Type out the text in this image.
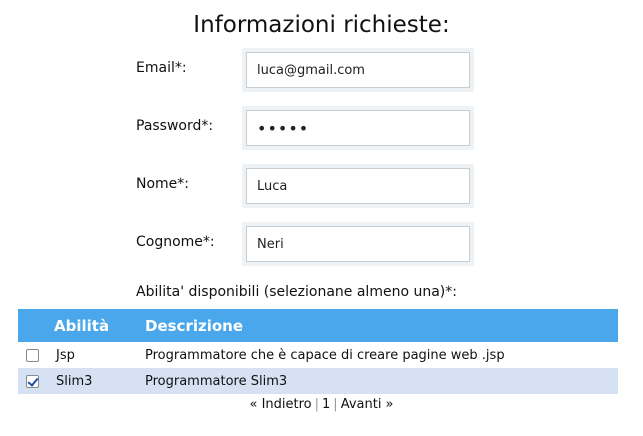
Informazioni richieste:
Email*:
luca@gmail.com
Password*:
•••••
Nome*:
Luca
Cognome*:
Neri
Abilita' disponibili (selezionane almeno una)*:
	Abilità	Descrizione
	Jsp	Programmatore che è capace di creare pagine web .jsp
	Slim3	Programmatore Slim3
« Indietro | 1 | Avanti »
